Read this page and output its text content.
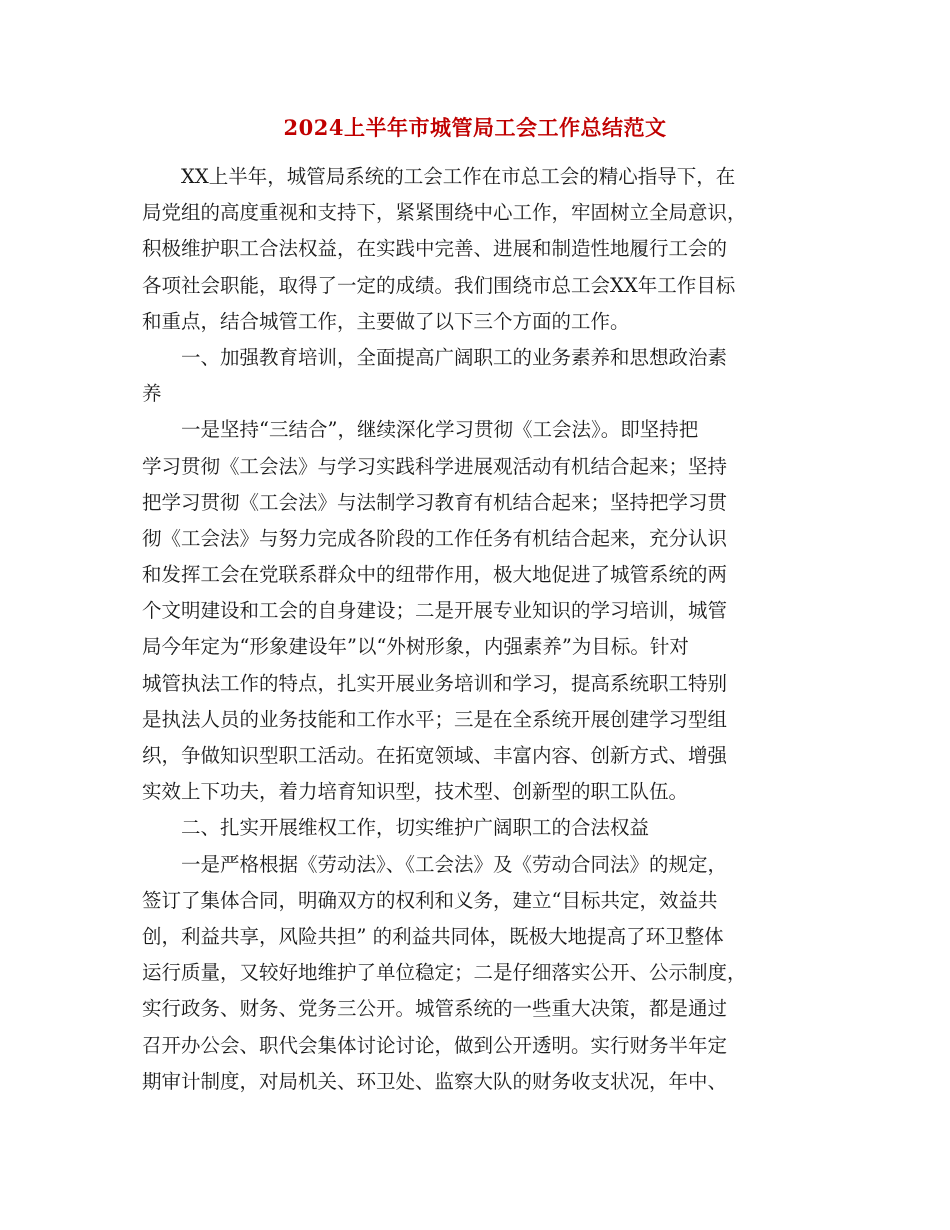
2024上半年市城管局工会工作总结范文
　　XX上半年，城管局系统的工会工作在市总工会的精心指导下，在
局党组的高度重视和支持下，紧紧围绕中心工作，牢固树立全局意识，
积极维护职工合法权益，在实践中完善、进展和制造性地履行工会的
各项社会职能，取得了一定的成绩。我们围绕市总工会XX年工作目标
和重点，结合城管工作，主要做了以下三个方面的工作。
　　一、加强教育培训，全面提高广阔职工的业务素养和思想政治素
养
　　一是坚持“三结合”，继续深化学习贯彻《工会法》。即坚持把
学习贯彻《工会法》与学习实践科学进展观活动有机结合起来；坚持
把学习贯彻《工会法》与法制学习教育有机结合起来；坚持把学习贯
彻《工会法》与努力完成各阶段的工作任务有机结合起来，充分认识
和发挥工会在党联系群众中的纽带作用，极大地促进了城管系统的两
个文明建设和工会的自身建设；二是开展专业知识的学习培训，城管
局今年定为“形象建设年”以“外树形象，内强素养”为目标。针对
城管执法工作的特点，扎实开展业务培训和学习，提高系统职工特别
是执法人员的业务技能和工作水平；三是在全系统开展创建学习型组
织，争做知识型职工活动。在拓宽领域、丰富内容、创新方式、增强
实效上下功夫，着力培育知识型，技术型、创新型的职工队伍。
　　二、扎实开展维权工作，切实维护广阔职工的合法权益
　　一是严格根据《劳动法》、《工会法》及《劳动合同法》的规定，
签订了集体合同，明确双方的权利和义务，建立“目标共定，效益共
创，利益共享，风险共担” 的利益共同体，既极大地提高了环卫整体
运行质量，又较好地维护了单位稳定；二是仔细落实公开、公示制度，
实行政务、财务、党务三公开。城管系统的一些重大决策，都是通过
召开办公会、职代会集体讨论讨论，做到公开透明。实行财务半年定
期审计制度，对局机关、环卫处、监察大队的财务收支状况，年中、
